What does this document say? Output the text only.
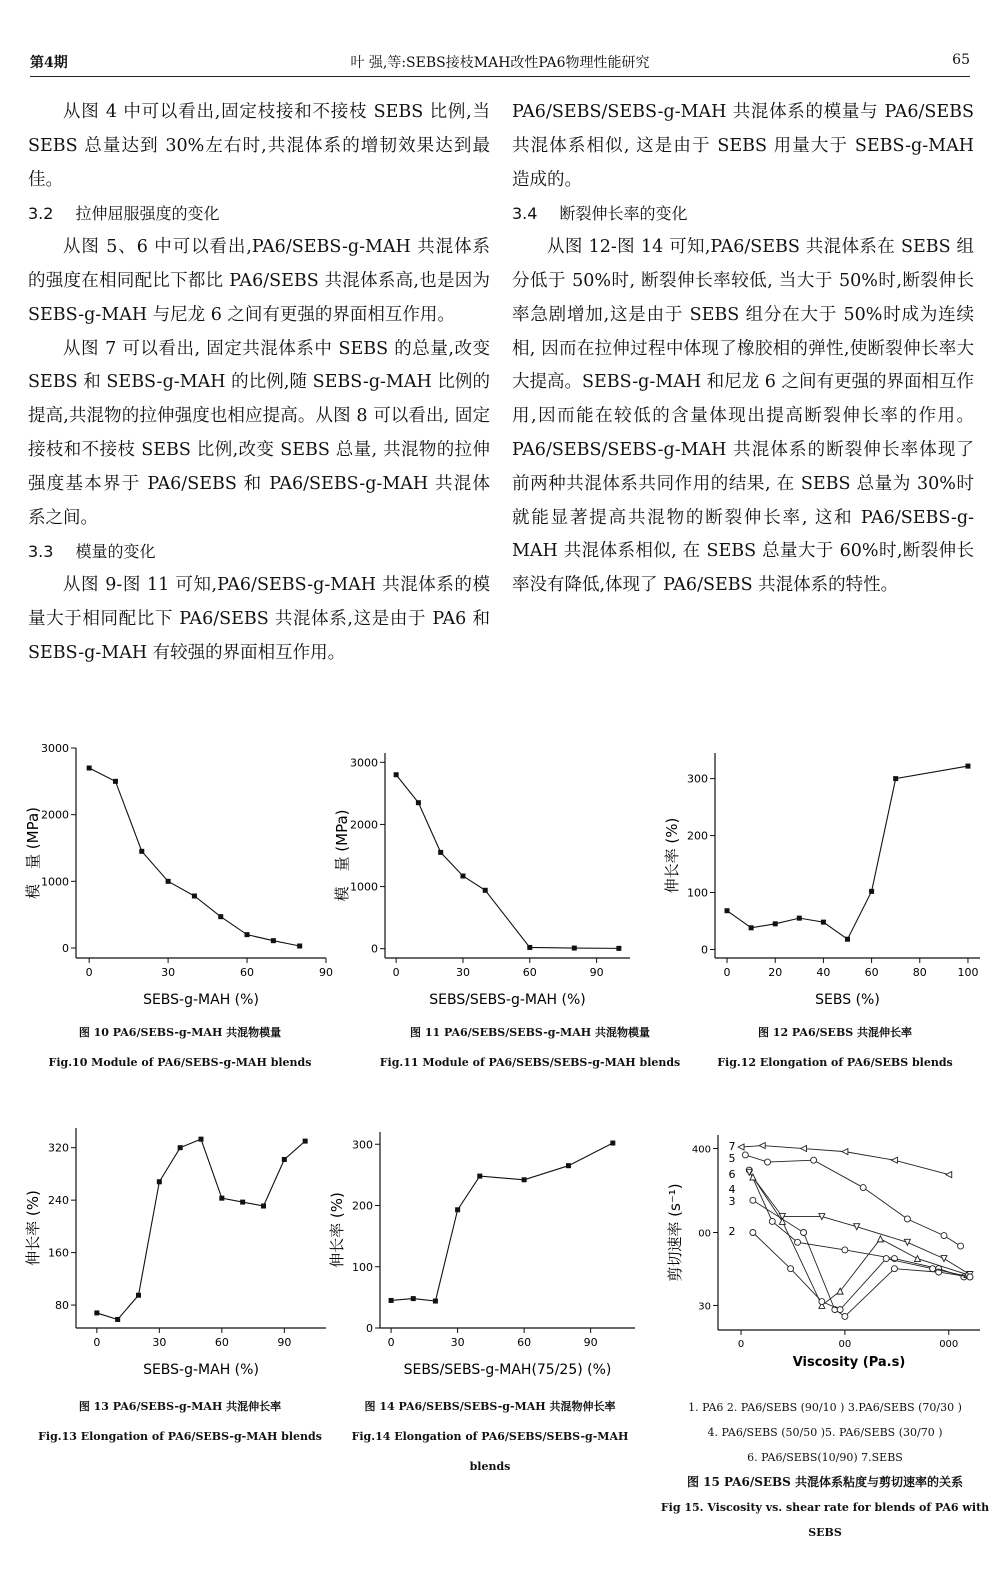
第4期	叶 强,等:SEBS接枝MAH改性PA6物理性能研究	65

从图 4 中可以看出,固定枝接和不接枝 SEBS 比例,当 SEBS 总量达到 30%左右时,共混体系的增韧效果达到最佳。

3.2 拉伸屈服强度的变化

从图 5、6 中可以看出,PA6/SEBS-g-MAH 共混体系的强度在相同配比下都比 PA6/SEBS 共混体系高,也是因为 SEBS-g-MAH 与尼龙 6 之间有更强的界面相互作用。

从图 7 可以看出, 固定共混体系中 SEBS 的总量,改变 SEBS 和 SEBS-g-MAH 的比例,随 SEBS-g-MAH 比例的提高,共混物的拉伸强度也相应提高。从图 8 可以看出, 固定接枝和不接枝 SEBS 比例,改变 SEBS 总量, 共混物的拉伸强度基本界于 PA6/SEBS 和 PA6/SEBS-g-MAH 共混体系之间。

3.3 模量的变化

从图 9-图 11 可知,PA6/SEBS-g-MAH 共混体系的模量大于相同配比下 PA6/SEBS 共混体系,这是由于 PA6 和 SEBS-g-MAH 有较强的界面相互作用。

PA6/SEBS/SEBS-g-MAH 共混体系的模量与 PA6/SEBS 共混体系相似, 这是由于 SEBS 用量大于 SEBS-g-MAH 造成的。

3.4 断裂伸长率的变化

从图 12-图 14 可知,PA6/SEBS 共混体系在 SEBS 组分低于 50%时, 断裂伸长率较低, 当大于 50%时,断裂伸长率急剧增加,这是由于 SEBS 组分在大于 50%时成为连续相, 因而在拉伸过程中体现了橡胶相的弹性,使断裂伸长率大大提高。SEBS-g-MAH 和尼龙 6 之间有更强的界面相互作用,因而能在较低的含量体现出提高断裂伸长率的作用。PA6/SEBS/SEBS-g-MAH 共混体系的断裂伸长率体现了前两种共混体系共同作用的结果, 在 SEBS 总量为 30%时就能显著提高共混物的断裂伸长率, 这和 PA6/SEBS-g-MAH 共混体系相似, 在 SEBS 总量大于 60%时,断裂伸长率没有降低,体现了 PA6/SEBS 共混体系的特性。

0	30	60	90
0
1000
2000
3000
SEBS-g-MAH (%)
模　量 (MPa)
图 10 PA6/SEBS-g-MAH 共混物模量
Fig.10 Module of PA6/SEBS-g-MAH blends
0	30	60	90
0
1000
2000
3000
SEBS/SEBS-g-MAH (%)
模　量 (MPa)
图 11 PA6/SEBS/SEBS-g-MAH 共混物模量
Fig.11 Module of PA6/SEBS/SEBS-g-MAH blends
0	20	40	60	80	100
0
100
200
300
SEBS (%)
伸长率 (%)
图 12 PA6/SEBS 共混伸长率
Fig.12 Elongation of PA6/SEBS blends
0	30	60	90
80
160
240
320
SEBS-g-MAH (%)
伸长率 (%)
图 13 PA6/SEBS-g-MAH 共混伸长率
Fig.13 Elongation of PA6/SEBS-g-MAH blends
0	30	60	90
0
100
200
300
SEBS/SEBS-g-MAH(75/25) (%)
伸长率 (%)
图 14 PA6/SEBS/SEBS-g-MAH 共混物伸长率
Fig.14 Elongation of PA6/SEBS/SEBS-g-MAH blends
0	00	000
30
00
400
Viscosity (Pa.s)
剪切速率 (s⁻¹)
7
5
6
4
3
2
1. PA6 2. PA6/SEBS (90/10 ) 3.PA6/SEBS (70/30 )
4. PA6/SEBS (50/50 )5. PA6/SEBS (30/70 )
6. PA6/SEBS(10/90) 7.SEBS
图 15 PA6/SEBS 共混体系粘度与剪切速率的关系
Fig 15. Viscosity vs. shear rate for blends of PA6 with SEBS
